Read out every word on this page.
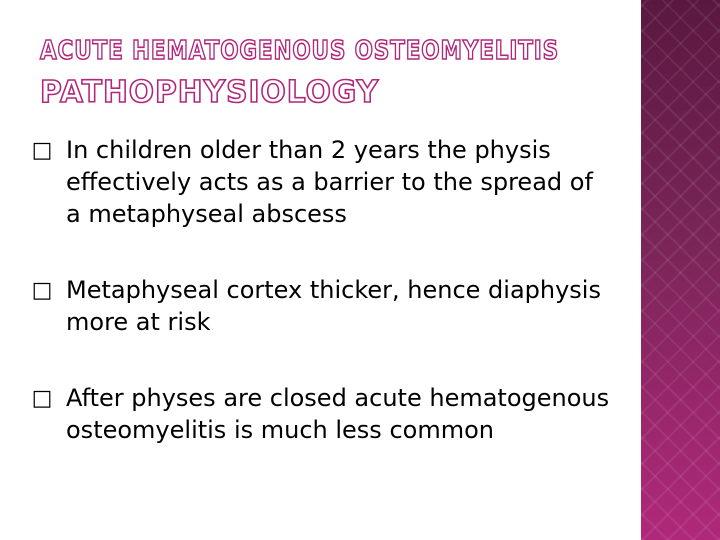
ACUTE HEMATOGENOUS OSTEOMYELITIS
PATHOPHYSIOLOGY
□ In children older than 2 years the physis effectively acts as a barrier to the spread of a metaphyseal abscess
□ Metaphyseal cortex thicker, hence diaphysis more at risk
□ After physes are closed acute hematogenous osteomyelitis is much less common
